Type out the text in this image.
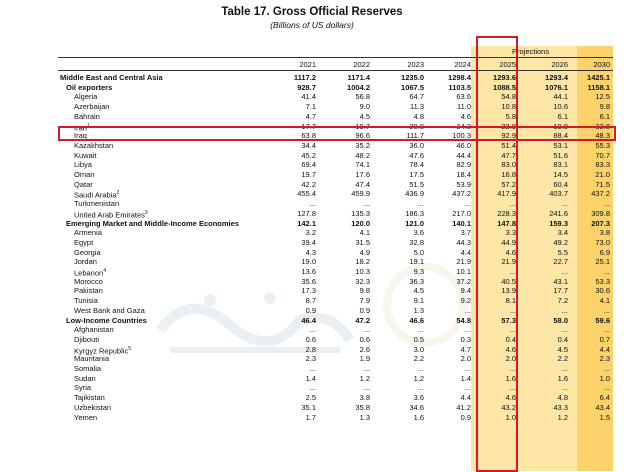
Table 17. Gross Official Reserves
(Billions of US dollars)
Projections
2021	2022	2023	2024	2025	2026	2030
Middle East and Central Asia	1117.2	1171.4	1235.0	1298.4	1293.6	1293.4	1425.1
Oil exporters	928.7	1004.2	1067.5	1103.5	1088.5	1076.1	1158.1
Algeria	41.4	56.8	64.7	63.6	54.8	44.1	12.5
Azerbaijan	7.1	9.0	11.3	11.0	10.8	10.6	9.8
Bahrain	4.7	4.5	4.8	4.6	5.8	6.1	6.1
Iran$^1$	17.7	19.7	20.8	24.3	22.9	19.9	32.8
Iraq	63.8	96.6	111.7	100.3	92.9	88.4	48.3
Kazakhstan	34.4	35.2	36.0	46.0	51.4	53.1	55.3
Kuwait	45.2	48.2	47.6	44.4	47.7	51.6	70.7
Libya	69.4	74.1	78.4	82.9	83.0	83.1	83.3
Oman	19.7	17.6	17.5	18.4	16.8	14.5	21.0
Qatar	42.2	47.4	51.5	53.9	57.2	60.4	71.5
Saudi Arabia$^2$	455.4	459.9	436.9	437.2	417.9	403.7	437.2
Turkmenistan	...	...	...	...	...	...	...
United Arab Emirates$^3$	127.8	135.3	186.3	217.0	228.3	241.6	309.8
Emerging Market and Middle-Income Economies	142.1	120.0	121.0	140.1	147.8	159.3	207.3
Armenia	3.2	4.1	3.6	3.7	3.3	3.4	3.8
Egypt	39.4	31.5	32.8	44.3	44.9	49.2	73.0
Georgia	4.3	4.9	5.0	4.4	4.6	5.5	6.9
Jordan	19.0	18.2	19.1	21.9	21.9	22.7	25.1
Lebanon$^4$	13.6	10.3	9.3	10.1	...	...	...
Morocco	35.6	32.3	36.3	37.2	40.5	43.1	53.3
Pakistan	17.3	9.8	4.5	9.4	13.9	17.7	30.6
Tunisia	8.7	7.9	9.1	9.2	8.1	7.2	4.1
West Bank and Gaza	0.9	0.9	1.3	...	...	...	...
Low-Income Countries	46.4	47.2	46.6	54.8	57.3	58.0	59.6
Afghanistan	...	...	...	...	...	...	...
Djibouti	0.6	0.6	0.5	0.3	0.4	0.4	0.7
Kyrgyz Republic$^5$	2.8	2.6	3.0	4.7	4.6	4.5	4.4
Mauritania	2.3	1.9	2.2	2.0	2.0	2.2	2.3
Somalia	...	...	...	...	...	...	...
Sudan	1.4	1.2	1.2	1.4	1.6	1.6	1.0
Syria	...	...	...	...	...	...	...
Tajikistan	2.5	3.8	3.6	4.4	4.6	4.8	6.4
Uzbekistan	35.1	35.8	34.6	41.2	43.2	43.3	43.4
Yemen	1.7	1.3	1.6	0.9	1.0	1.2	1.5
